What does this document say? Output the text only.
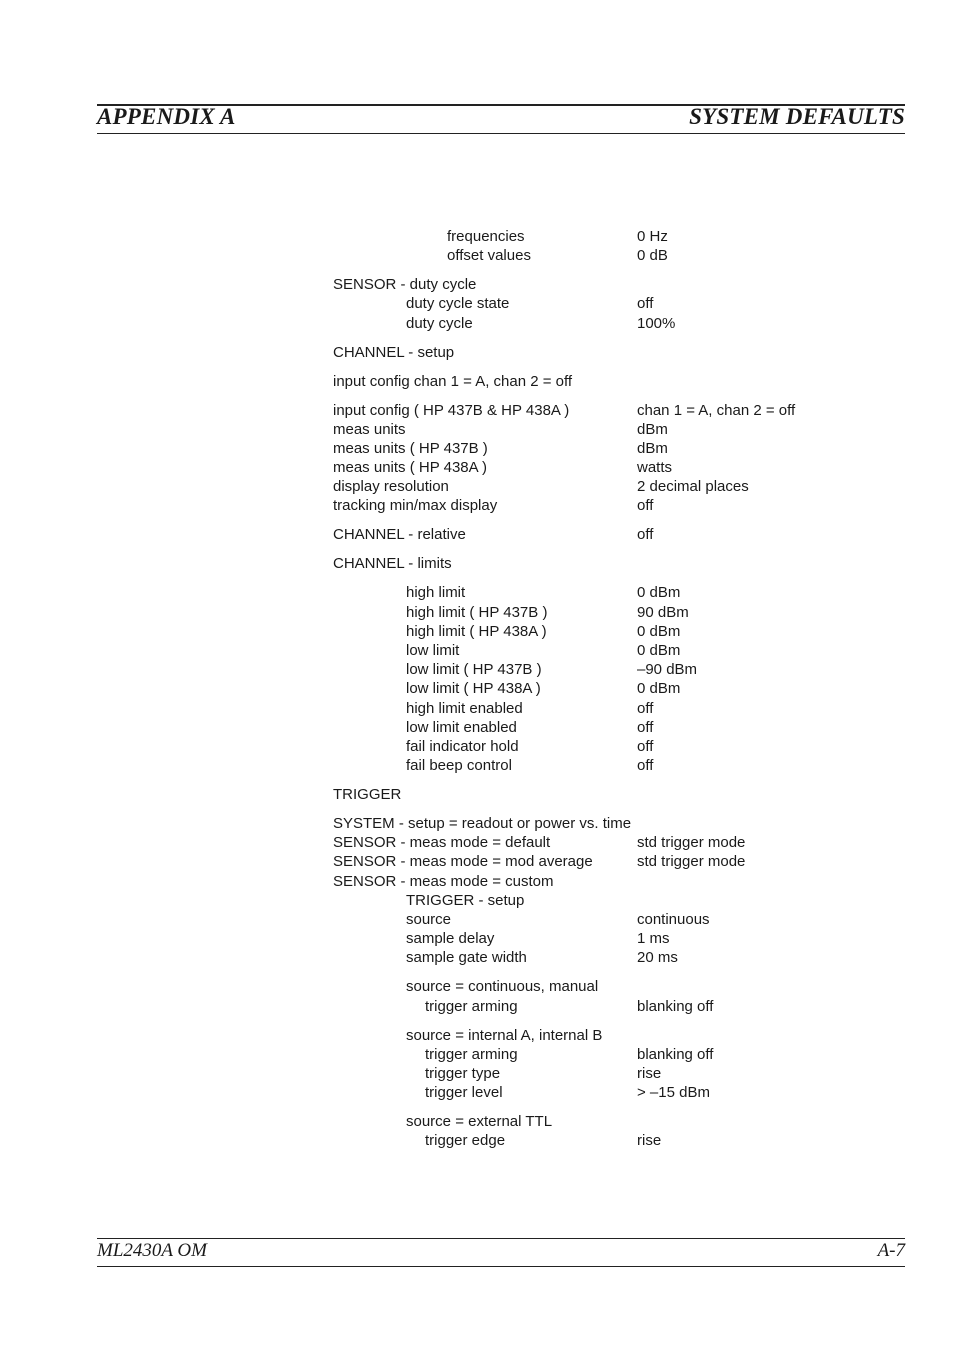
APPENDIX A	SYSTEM DEFAULTS
frequencies	0 Hz
offset values	0 dB
SENSOR - duty cycle
duty cycle state	off
duty cycle	100%
CHANNEL - setup
input config chan 1 = A, chan 2 = off
input config ( HP 437B & HP 438A )	chan 1 = A, chan 2 = off
meas units	dBm
meas units ( HP 437B )	dBm
meas units ( HP 438A )	watts
display resolution	2 decimal places
tracking min/max display	off
CHANNEL - relative	off
CHANNEL - limits
high limit	0 dBm
high limit ( HP 437B )	90 dBm
high limit ( HP 438A )	0 dBm
low limit	0 dBm
low limit ( HP 437B )	–90 dBm
low limit ( HP 438A )	0 dBm
high limit enabled	off
low limit enabled	off
fail indicator hold	off
fail beep control	off
TRIGGER
SYSTEM - setup = readout or power vs. time
SENSOR - meas mode = default	std trigger mode
SENSOR - meas mode = mod average	std trigger mode
SENSOR - meas mode = custom
TRIGGER - setup
source	continuous
sample delay	1 ms
sample gate width	20 ms
source = continuous, manual
trigger arming	blanking off
source = internal A, internal B
trigger arming	blanking off
trigger type	rise
trigger level	> –15 dBm
source = external TTL
trigger edge	rise
ML2430A OM	A-7
